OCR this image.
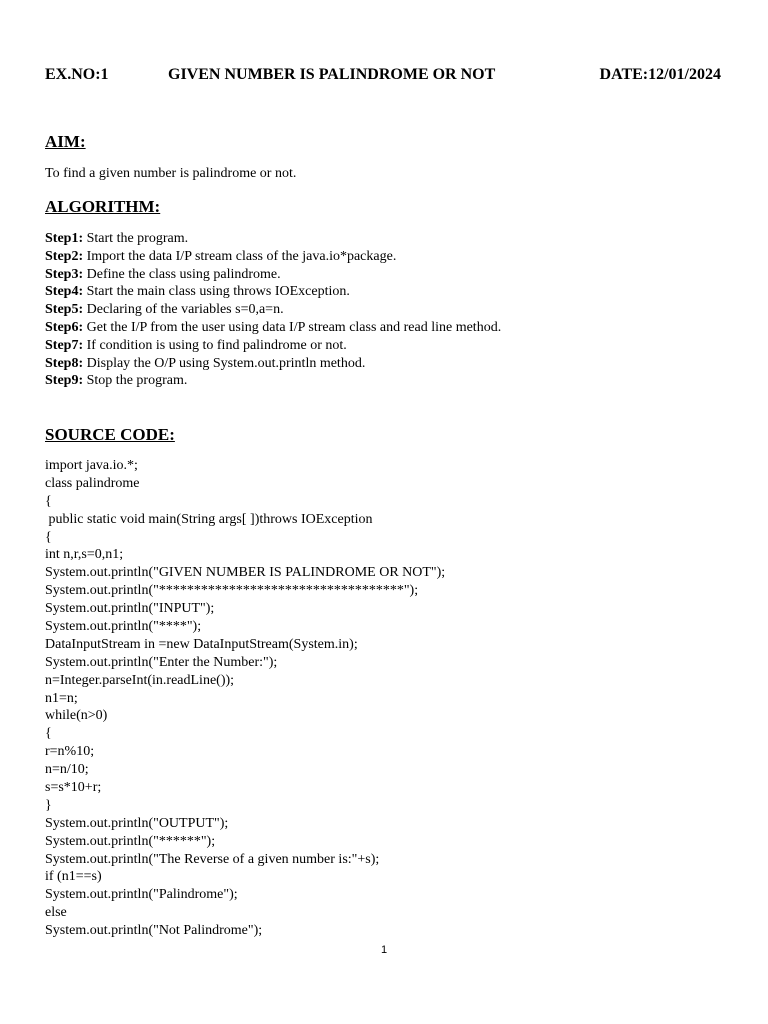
EX.NO:1	GIVEN NUMBER IS PALINDROME OR NOT	DATE:12/01/2024
AIM:
To find a given number is palindrome or not.
ALGORITHM:
Step1: Start the program.
Step2: Import the data I/P stream class of the java.io*package.
Step3: Define the class using palindrome.
Step4: Start the main class using throws IOException.
Step5: Declaring of the variables s=0,a=n.
Step6: Get the I/P from the user using data I/P stream class and read line method.
Step7: If condition is using to find palindrome or not.
Step8: Display the O/P using System.out.println method.
Step9: Stop the program.
SOURCE CODE:
import java.io.*;
class palindrome
{
public static void main(String args[ ])throws IOException
{
int n,r,s=0,n1;
System.out.println("GIVEN NUMBER IS PALINDROME OR NOT");
System.out.println("***********************************");
System.out.println("INPUT");
System.out.println("****");
DataInputStream in =new DataInputStream(System.in);
System.out.println("Enter the Number:");
n=Integer.parseInt(in.readLine());
n1=n;
while(n>0)
{
r=n%10;
n=n/10;
s=s*10+r;
}
System.out.println("OUTPUT");
System.out.println("******");
System.out.println("The Reverse of a given number is:"+s);
if (n1==s)
System.out.println("Palindrome");
else
System.out.println("Not Palindrome");
1
